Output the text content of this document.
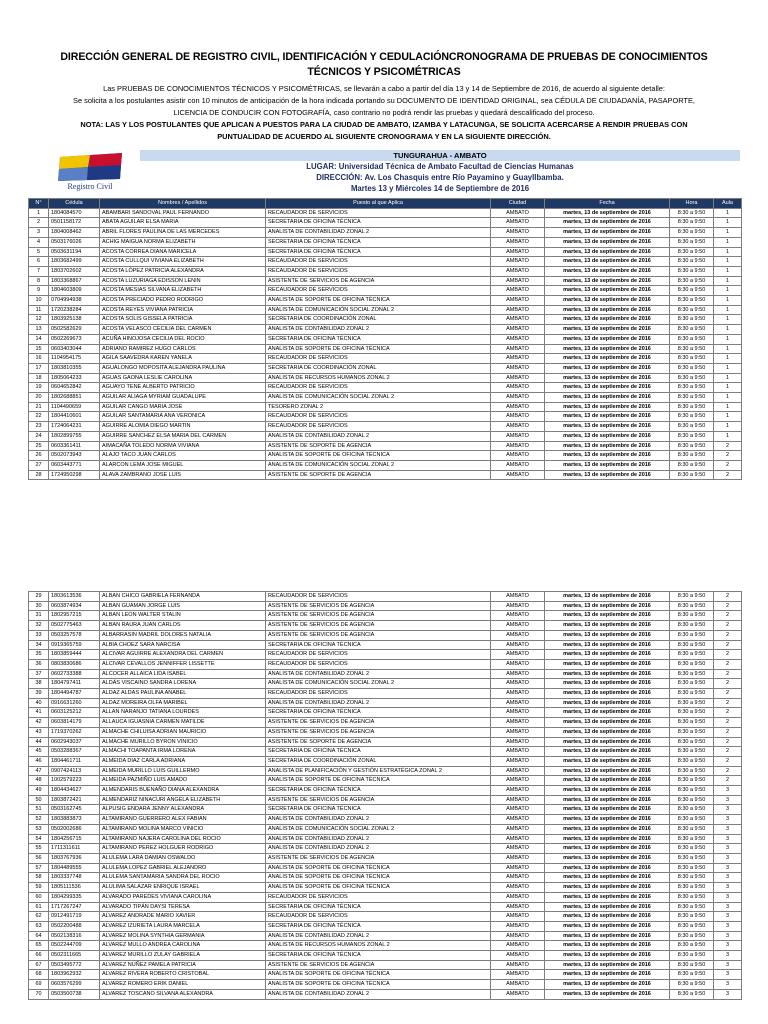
DIRECCIÓN GENERAL DE REGISTRO CIVIL, IDENTIFICACIÓN Y CEDULACIÓNCRONOGRAMA DE PRUEBAS DE CONOCIMIENTOS
TÉCNICOS Y PSICOMÉTRICAS
Las PRUEBAS DE CONOCIMIENTOS TÉCNICOS Y PSICOMÉTRICAS, se llevarán a cabo a partir del día 13 y 14 de Septiembre de 2016, de acuerdo al siguiente detalle:
Se solicita a los postulantes asistir con 10 minutos de anticipación de la hora indicada portando su DOCUMENTO DE IDENTIDAD ORIGINAL, sea CÉDULA DE CIUDADANÍA, PASAPORTE,
LICENCIA DE CONDUCIR CON FOTOGRAFÍA, caso contrario no podrá rendir las pruebas y quedará descalificado del proceso.
NOTA: LAS Y LOS POSTULANTES QUE APLICAN A PUESTOS PARA LA CIUDAD DE AMBATO, IZAMBA Y LATACUNGA, SE SOLICITA ACERCARSE A RENDIR PRUEBAS CON
PUNTUALIDAD DE ACUERDO AL SIGUIENTE CRONOGRAMA Y EN LA SIGUIENTE DIRECCIÓN.
Registro Civil
TUNGURAHUA - AMBATO
LUGAR: Universidad Técnica de Ambato Facultad de Ciencias Humanas
DIRECCIÓN: Av. Los Chasquis entre Río Payamino y Guayllbamba.
Martes 13 y Miércoles 14 de Septiembre de 2016
N°	Cédula	Nombres / Apellidos	Puesto al que Aplica	Ciudad	Fecha	Hora	Aula
1	1804084570	ABAMBARI SANDOVAL PAUL FERNANDO	RECAUDADOR DE SERVICIOS	AMBATO	martes, 13 de septiembre de 2016	8:30 a 9:50	1
2	0501158172	ABATA AGUILAR ELSA MARIA	SECRETARIA DE OFICINA TÉCNICA	AMBATO	martes, 13 de septiembre de 2016	8:30 a 9:50	1
3	1804008462	ABRIL FLORES PAULINA DE LAS MERCEDES	ANALISTA DE CONTABILIDAD ZONAL 2	AMBATO	martes, 13 de septiembre de 2016	8:30 a 9:50	1
4	0503176026	ACHIG MAIGUA NORMA ELIZABETH	SECRETARIA DE OFICINA TÉCNICA	AMBATO	martes, 13 de septiembre de 2016	8:30 a 9:50	1
5	0503631194	ACOSTA CORREA DIANA MARICELA	SECRETARIA DE OFICINA TÉCNICA	AMBATO	martes, 13 de septiembre de 2016	8:30 a 9:50	1
6	1803682499	ACOSTA CULLQUI VIVIANA ELIZABETH	RECAUDADOR DE SERVICIOS	AMBATO	martes, 13 de septiembre de 2016	8:30 a 9:50	1
7	1803702602	ACOSTA LÓPEZ PATRICIA ALEXANDRA	RECAUDADOR DE SERVICIOS	AMBATO	martes, 13 de septiembre de 2016	8:30 a 9:50	1
8	1803368867	ACOSTA LUZURIAGA EDISSON LENIN	ASISTENTE DE SERVICIOS DE AGENCIA	AMBATO	martes, 13 de septiembre de 2016	8:30 a 9:50	1
9	1804603809	ACOSTA MESIAS SILVANA ELIZABETH	RECAUDADOR DE SERVICIOS	AMBATO	martes, 13 de septiembre de 2016	8:30 a 9:50	1
10	0704994938	ACOSTA PRECIADO PEDRO RODRIGO	ANALISTA DE SOPORTE DE OFICINA TÉCNICA	AMBATO	martes, 13 de septiembre de 2016	8:30 a 9:50	1
11	1720238284	ACOSTA REYES VIVIANA PATRICIA	ANALISTA DE COMUNICACIÓN SOCIAL ZONAL 2	AMBATO	martes, 13 de septiembre de 2016	8:30 a 9:50	1
12	1803925138	ACOSTA SOLIS GISSELA PATRICIA	SECRETARIA DE COORDINACIÓN ZONAL	AMBATO	martes, 13 de septiembre de 2016	8:30 a 9:50	1
13	0502582629	ACOSTA VELASCO CECILIA DEL CARMEN	ANALISTA DE CONTABILIDAD ZONAL 2	AMBATO	martes, 13 de septiembre de 2016	8:30 a 9:50	1
14	0502269673	ACUÑA HINOJOSA CECILIA DEL ROCIO	SECRETARIA DE OFICINA TÉCNICA	AMBATO	martes, 13 de septiembre de 2016	8:30 a 9:50	1
15	0603403044	ADRIANO RAMIREZ HUGO CARLOS	ANALISTA DE SOPORTE DE OFICINA TÉCNICA	AMBATO	martes, 13 de septiembre de 2016	8:30 a 9:50	1
16	1104954175	AGILA SAAVEDRA KAREN YANELA	RECAUDADOR DE SERVICIOS	AMBATO	martes, 13 de septiembre de 2016	8:30 a 9:50	1
17	1803810355	AGUALONGO MOPOSITA ALEJANDRA PAULINA	SECRETARIA DE COORDINACIÓN ZONAL	AMBATO	martes, 13 de septiembre de 2016	8:30 a 9:50	1
18	1805064233	AGUAS GAONA LESLIE CAROLINA	ANALISTA DE RECURSOS HUMANOS ZONAL 2	AMBATO	martes, 13 de septiembre de 2016	8:30 a 9:50	1
19	0604652842	AGUAYO TENE ALBERTO PATRICIO	RECAUDADOR DE SERVICIOS	AMBATO	martes, 13 de septiembre de 2016	8:30 a 9:50	1
20	1802688851	AGUILAR ALIAGA MYRIAM GUADALUPE	ANALISTA DE COMUNICACIÓN SOCIAL ZONAL 2	AMBATO	martes, 13 de septiembre de 2016	8:30 a 9:50	1
21	1104490659	AGUILAR CANGO MARIA JOSE	TESORERO ZONAL 2	AMBATO	martes, 13 de septiembre de 2016	8:30 a 9:50	1
22	1804410601	AGUILAR SANTAMARIA ANA VERONICA	RECAUDADOR DE SERVICIOS	AMBATO	martes, 13 de septiembre de 2016	8:30 a 9:50	1
23	1724064231	AGUIRRE ALOMIA DIEGO MARTIN	RECAUDADOR DE SERVICIOS	AMBATO	martes, 13 de septiembre de 2016	8:30 a 9:50	1
24	1802899755	AGUIRRE SANCHEZ ELSA MARIA DEL CARMEN	ANALISTA DE CONTABILIDAD ZONAL 2	AMBATO	martes, 13 de septiembre de 2016	8:30 a 9:50	1
25	0603361411	AIMACAÑA TOLEDO NORMA VIVIANA	ASISTENTE DE SOPORTE DE AGENCIA	AMBATO	martes, 13 de septiembre de 2016	8:30 a 9:50	2
26	0502073943	ALAJO TACO JUAN CARLOS	ANALISTA DE SOPORTE DE OFICINA TÉCNICA	AMBATO	martes, 13 de septiembre de 2016	8:30 a 9:50	2
27	0603443771	ALARCON LEMA JOSE MIGUEL	ANALISTA DE COMUNICACIÓN SOCIAL ZONAL 2	AMBATO	martes, 13 de septiembre de 2016	8:30 a 9:50	2
28	1724950298	ALAVA ZAMBRANO JOSE LUIS	ASISTENTE DE SOPORTE DE AGENCIA	AMBATO	martes, 13 de septiembre de 2016	8:30 a 9:50	2
29	1803613536	ALBAN CHICO GABRIELA FERNANDA	RECAUDADOR DE SERVICIOS	AMBATO	martes, 13 de septiembre de 2016	8:30 a 9:50	2
30	0603874934	ALBAN GUAMAN JORGE LUIS	ASISTENTE DE SERVICIOS DE AGENCIA	AMBATO	martes, 13 de septiembre de 2016	8:30 a 9:50	2
31	1802957215	ALBAN LEON WALTER STALIN	ASISTENTE DE SERVICIOS DE AGENCIA	AMBATO	martes, 13 de septiembre de 2016	8:30 a 9:50	2
32	0502775463	ALBAN RAURA JUAN CARLOS	ASISTENTE DE SERVICIOS DE AGENCIA	AMBATO	martes, 13 de septiembre de 2016	8:30 a 9:50	2
33	0503257578	ALBARRASIN MADRIL DOLORES NATALIA	ASISTENTE DE SERVICIOS DE AGENCIA	AMBATO	martes, 13 de septiembre de 2016	8:30 a 9:50	2
34	0919365759	ALBIA CHOEZ SARA NARCISA	SECRETARIA DE OFICINA TÉCNICA	AMBATO	martes, 13 de septiembre de 2016	8:30 a 9:50	2
35	1803859444	ALCIVAR AGUIRRE ALEXANDRA DEL CARMEN	RECAUDADOR DE SERVICIOS	AMBATO	martes, 13 de septiembre de 2016	8:30 a 9:50	2
36	0803830686	ALCIVAR CEVALLOS JENNIFFER LISSETTE	RECAUDADOR DE SERVICIOS	AMBATO	martes, 13 de septiembre de 2016	8:30 a 9:50	2
37	0602733388	ALCOCER ALLAICA LIDA ISABEL	ANALISTA DE CONTABILIDAD ZONAL 2	AMBATO	martes, 13 de septiembre de 2016	8:30 a 9:50	2
38	1804797411	ALDÁS VISCAINO SANDRA LORENA	ANALISTA DE COMUNICACIÓN SOCIAL ZONAL 2	AMBATO	martes, 13 de septiembre de 2016	8:30 a 9:50	2
39	1804494787	ALDAZ ALDAS PAULINA ANABEL	RECAUDADOR DE SERVICIOS	AMBATO	martes, 13 de septiembre de 2016	8:30 a 9:50	2
40	0916631260	ALDAZ MOREIRA OLFA MARIBEL	ANALISTA DE CONTABILIDAD ZONAL 2	AMBATO	martes, 13 de septiembre de 2016	8:30 a 9:50	2
41	0603125212	ALLAN NARANJO TATIANA LOURDES	SECRETARIA DE OFICINA TÉCNICA	AMBATO	martes, 13 de septiembre de 2016	8:30 a 9:50	2
42	0603814179	ALLAUCA IGUASNIA CARMEN MATILDE	ASISTENTE DE SERVICIOS DE AGENCIA	AMBATO	martes, 13 de septiembre de 2016	8:30 a 9:50	2
43	1719370262	ALMACHE CHILUISA ADRIAN MAURICIO	ASISTENTE DE SERVICIOS DE AGENCIA	AMBATO	martes, 13 de septiembre de 2016	8:30 a 9:50	2
44	0602943037	ALMACHE MURILLO BYRON VINICIO	ASISTENTE DE SOPORTE DE AGENCIA	AMBATO	martes, 13 de septiembre de 2016	8:30 a 9:50	2
45	0503288367	ALMACHI TOAPANTA IRMA LORENA	SECRETARIA DE OFICINA TÉCNICA	AMBATO	martes, 13 de septiembre de 2016	8:30 a 9:50	2
46	1804461711	ALMEIDA DIAZ CARLA ADRIANA	SECRETARIA DE COORDINACIÓN ZONAL	AMBATO	martes, 13 de septiembre de 2016	8:30 a 9:50	2
47	0907424113	ALMEIDA MURILLO LUIS GUILLERMO	ANALISTA DE PLANIFICACIÓN Y GESTIÓN ESTRATÉGICA ZONAL 2	AMBATO	martes, 13 de septiembre de 2016	8:30 a 9:50	2
48	1002579223	ALMEIDA PAZMIÑO LUIS AMADO	ANALISTA DE SOPORTE DE OFICINA TÉCNICA	AMBATO	martes, 13 de septiembre de 2016	8:30 a 9:50	2
49	1804434627	ALMENDARIS BUENAÑO DIANA ALEXANDRA	SECRETARIA DE OFICINA TÉCNICA	AMBATO	martes, 13 de septiembre de 2016	8:30 a 9:50	3
50	1803872421	ALMENDARIZ NINACURI ANGELA ELIZABETH	ASISTENTE DE SERVICIOS DE AGENCIA	AMBATO	martes, 13 de septiembre de 2016	8:30 a 9:50	3
51	0503162745	ALPUSIG ENDARA JENNY ALEXANDRA	SECRETARIA DE OFICINA TÉCNICA	AMBATO	martes, 13 de septiembre de 2016	8:30 a 9:50	3
52	1803883873	ALTAMIRANO GUERRERO ALEX FABIAN	ANALISTA DE CONTABILIDAD ZONAL 2	AMBATO	martes, 13 de septiembre de 2016	8:30 a 9:50	3
53	0502002686	ALTAMIRANO MOLINA MARCO VINICIO	ANALISTA DE COMUNICACIÓN SOCIAL ZONAL 2	AMBATO	martes, 13 de septiembre de 2016	8:30 a 9:50	3
54	1804256715	ALTAMIRANO NAJERA CAROLINA DEL ROCIO	ANALISTA DE CONTABILIDAD ZONAL 2	AMBATO	martes, 13 de septiembre de 2016	8:30 a 9:50	3
55	1711311611	ALTAMIRANO PEREZ HOLGUER RODRIGO	ANALISTA DE CONTABILIDAD ZONAL 2	AMBATO	martes, 13 de septiembre de 2016	8:30 a 9:50	3
56	1803767936	ALULEMA LARA DAMIAN OSWALDO	ASISTENTE DE SERVICIOS DE AGENCIA	AMBATO	martes, 13 de septiembre de 2016	8:30 a 9:50	3
57	1804489555	ALULEMA LOPEZ GABRIEL ALEJANDRO	ANALISTA DE SOPORTE DE OFICINA TÉCNICA	AMBATO	martes, 13 de septiembre de 2016	8:30 a 9:50	3
58	1803337748	ALULEMA SANTAMARIA SANDRA DEL ROCIO	ANALISTA DE SOPORTE DE OFICINA TÉCNICA	AMBATO	martes, 13 de septiembre de 2016	8:30 a 9:50	3
59	1805111536	ALULIMA SALAZAR ENRIQUE ISRAEL	ANALISTA DE SOPORTE DE OFICINA TÉCNICA	AMBATO	martes, 13 de septiembre de 2016	8:30 a 9:50	3
60	1804299335	ALVARADO PAREDES VIVIANA CAROLINA	RECAUDADOR DE SERVICIOS	AMBATO	martes, 13 de septiembre de 2016	8:30 a 9:50	3
61	1717267247	ALVARADO TIPÁN DAYSI TERESA	SECRETARIA DE OFICINA TÉCNICA	AMBATO	martes, 13 de septiembre de 2016	8:30 a 9:50	3
62	0912491719	ALVAREZ ANDRADE MARIO XAVIER	RECAUDADOR DE SERVICIOS	AMBATO	martes, 13 de septiembre de 2016	8:30 a 9:50	3
63	0502200488	ALVAREZ IZURIETA LAURA MARCELA	SECRETARIA DE OFICINA TÉCNICA	AMBATO	martes, 13 de septiembre de 2016	8:30 a 9:50	3
64	0502138316	ALVAREZ MOLINA SYNTHIA GERMANIA	ANALISTA DE CONTABILIDAD ZONAL 2	AMBATO	martes, 13 de septiembre de 2016	8:30 a 9:50	3
65	0502244709	ALVAREZ MULLO ANDREA CAROLINA	ANALISTA DE RECURSOS HUMANOS ZONAL 2	AMBATO	martes, 13 de septiembre de 2016	8:30 a 9:50	3
66	0502311665	ALVAREZ MURILLO ZULAY GABRIELA	SECRETARIA DE OFICINA TÉCNICA	AMBATO	martes, 13 de septiembre de 2016	8:30 a 9:50	3
67	0503495772	ALVAREZ NUÑEZ PAMELA PATRICIA	ASISTENTE DE SERVICIOS DE AGENCIA	AMBATO	martes, 13 de septiembre de 2016	8:30 a 9:50	3
68	1803962932	ALVAREZ RIVERA ROBERTO CRISTOBAL	ANALISTA DE SOPORTE DE OFICINA TÉCNICA	AMBATO	martes, 13 de septiembre de 2016	8:30 a 9:50	3
69	0603576299	ALVAREZ ROMERO ERIK DANIEL	ANALISTA DE SOPORTE DE OFICINA TÉCNICA	AMBATO	martes, 13 de septiembre de 2016	8:30 a 9:50	3
70	0503500738	ALVAREZ TOSCANO SILVANA ALEXANDRA	ANALISTA DE CONTABILIDAD ZONAL 2	AMBATO	martes, 13 de septiembre de 2016	8:30 a 9:50	3
